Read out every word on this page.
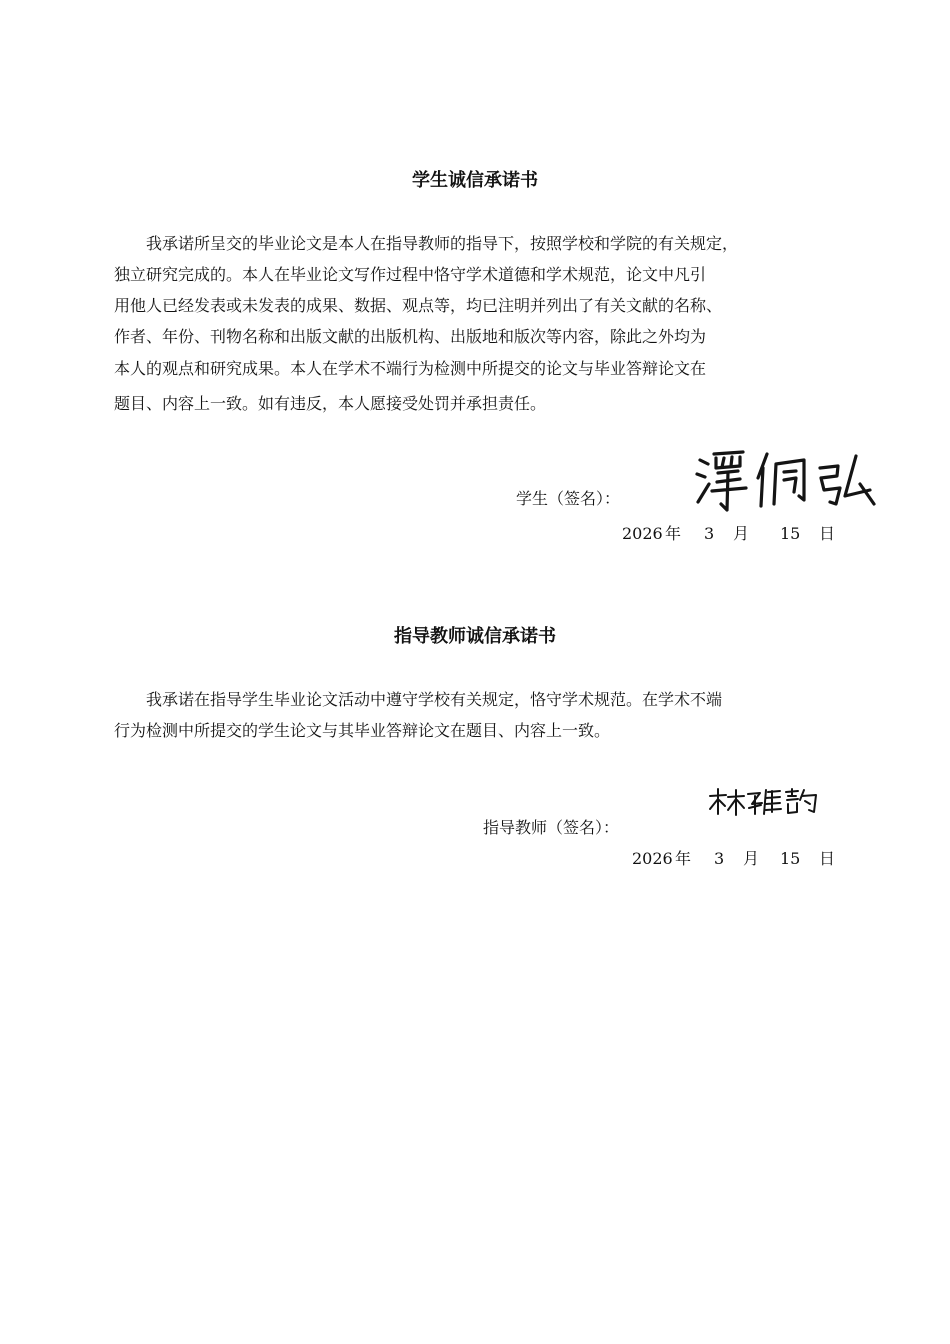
学生诚信承诺书

我承诺所呈交的毕业论文是本人在指导教师的指导下，按照学校和学院的有关规定，

独立研究完成的。本人在毕业论文写作过程中恪守学术道德和学术规范，论文中凡引

用他人已经发表或未发表的成果、数据、观点等，均已注明并列出了有关文献的名称、

作者、年份、刊物名称和出版文献的出版机构、出版地和版次等内容，除此之外均为

本人的观点和研究成果。本人在学术不端行为检测中所提交的论文与毕业答辩论文在

题目、内容上一致。如有违反，本人愿接受处罚并承担责任。

学生（签名）：
2026 年 3 月 15 日
指导教师诚信承诺书

我承诺在指导学生毕业论文活动中遵守学校有关规定，恪守学术规范。在学术不端

行为检测中所提交的学生论文与其毕业答辩论文在题目、内容上一致。

指导教师（签名）：
2026 年 3 月 15 日
